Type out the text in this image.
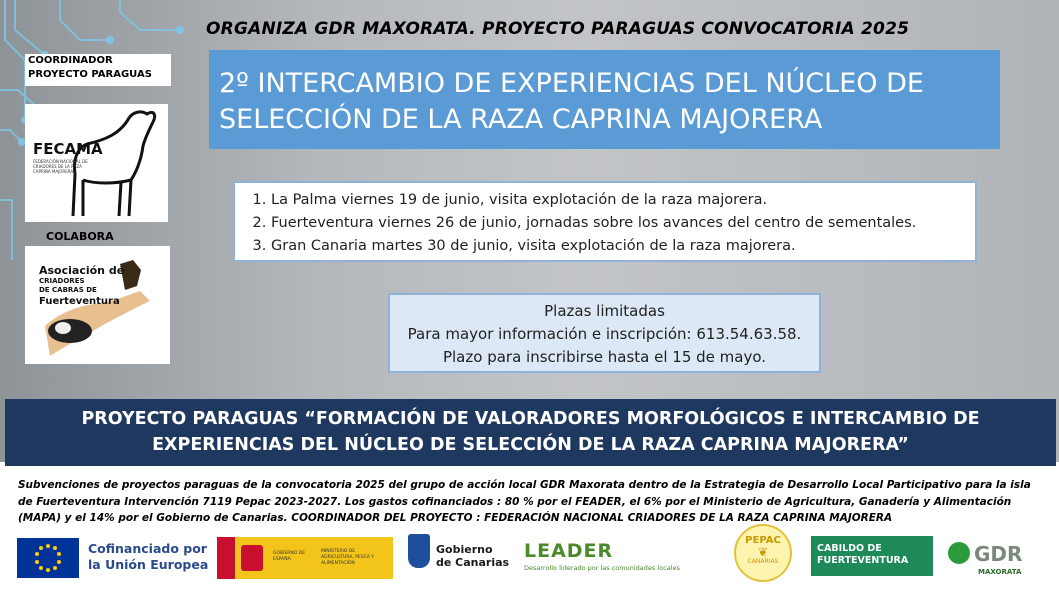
ORGANIZA GDR MAXORATA. PROYECTO PARAGUAS CONVOCATORIA 2025
COORDINADOR
PROYECTO PARAGUAS
FECAMA
FEDERACIÓN NACIONAL DE CRIADORES DE LA RAZA CAPRINA MAJORERA
COLABORA
Asociación de
CRIADORES
DE CABRAS DE
Fuerteventura
2º INTERCAMBIO DE EXPERIENCIAS DEL NÚCLEO DE
SELECCIÓN DE LA RAZA CAPRINA MAJORERA
1. La Palma viernes 19 de junio, visita explotación de la raza majorera.
2. Fuerteventura viernes 26 de junio, jornadas sobre los avances del centro de sementales.
3. Gran Canaria martes 30 de junio, visita explotación de la raza majorera.
Plazas limitadas
Para mayor información e inscripción: 613.54.63.58.
Plazo para inscribirse hasta el 15 de mayo.
PROYECTO PARAGUAS “FORMACIÓN DE VALORADORES MORFOLÓGICOS E INTERCAMBIO DE
EXPERIENCIAS DEL NÚCLEO DE SELECCIÓN DE LA RAZA CAPRINA MAJORERA”
Subvenciones de proyectos paraguas de la convocatoria 2025 del grupo de acción local GDR Maxorata dentro de la Estrategia de Desarrollo Local Participativo para la isla de Fuerteventura Intervención 7119 Pepac 2023-2027. Los gastos cofinanciados : 80 % por el FEADER, el 6% por el Ministerio de Agricultura, Ganadería y Alimentación (MAPA) y el 14% por el Gobierno de Canarias. COORDINADOR DEL PROYECTO : FEDERACIÓN NACIONAL CRIADORES DE LA RAZA CAPRINA MAJORERA
Cofinanciado por
la Unión Europea
GOBIERNO DE ESPAÑA
MINISTERIO DE AGRICULTURA, PESCA Y ALIMENTACIÓN
Gobierno
de Canarias
LEADER
Desarrollo liderado por las comunidades locales
PEPAC
❦
CANARIAS
CABILDO DE
FUERTEVENTURA	GDR
MAXORATA
